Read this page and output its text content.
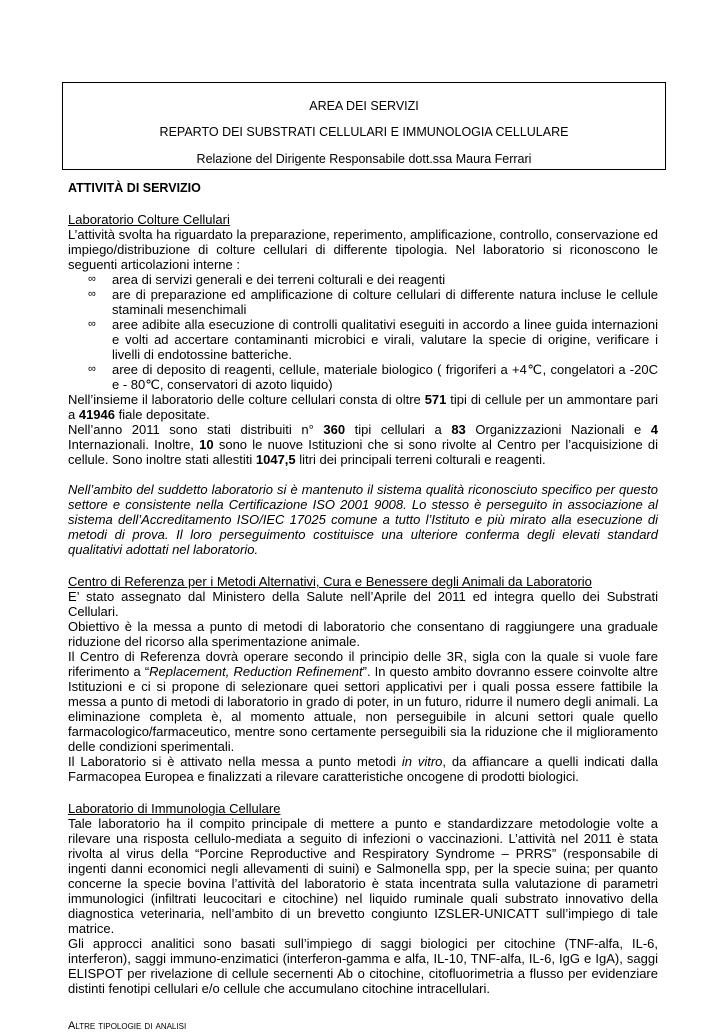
AREA DEI SERVIZI
REPARTO DEI SUBSTRATI CELLULARI E IMMUNOLOGIA CELLULARE
Relazione del Dirigente Responsabile dott.ssa Maura Ferrari
ATTIVITÀ DI SERVIZIO
Laboratorio Colture Cellulari

L’attività svolta ha riguardato la preparazione, reperimento, amplificazione, controllo, conservazione ed impiego/distribuzione di colture cellulari di differente tipologia. Nel laboratorio si riconoscono le seguenti articolazioni interne :

∞ area di servizi generali e dei terreni colturali e dei reagenti
∞ are di preparazione ed amplificazione di colture cellulari di differente natura incluse le cellule staminali mesenchimali
∞ aree adibite alla esecuzione di controlli qualitativi eseguiti in accordo a linee guida internazioni e volti ad accertare contaminanti microbici e virali, valutare la specie di origine, verificare i livelli di endotossine batteriche.
∞ aree di deposito di reagenti, cellule, materiale biologico ( frigoriferi a +4℃, congelatori a -20C e - 80℃, conservatori di azoto liquido)

Nell’insieme il laboratorio delle colture cellulari consta di oltre 571 tipi di cellule per un ammontare pari a 41946 fiale depositate.

Nell’anno 2011 sono stati distribuiti n° 360 tipi cellulari a 83 Organizzazioni Nazionali e 4 Internazionali. Inoltre, 10 sono le nuove Istituzioni che si sono rivolte al Centro per l’acquisizione di cellule. Sono inoltre stati allestiti 1047,5 litri dei principali terreni colturali e reagenti.

Nell’ambito del suddetto laboratorio si è mantenuto il sistema qualità riconosciuto specifico per questo settore e consistente nella Certificazione ISO 2001 9008. Lo stesso è perseguito in associazione al sistema dell’Accreditamento ISO/IEC 17025 comune a tutto l’Istituto e più mirato alla esecuzione di metodi di prova. Il loro perseguimento costituisce una ulteriore conferma degli elevati standard qualitativi adottati nel laboratorio.

Centro di Referenza per i Metodi Alternativi, Cura e Benessere degli Animali da Laboratorio

E’ stato assegnato dal Ministero della Salute nell’Aprile del 2011 ed integra quello dei Substrati Cellulari.

Obiettivo è la messa a punto di metodi di laboratorio che consentano di raggiungere una graduale riduzione del ricorso alla sperimentazione animale.

Il Centro di Referenza dovrà operare secondo il principio delle 3R, sigla con la quale si vuole fare riferimento a “Replacement, Reduction Refinement”. In questo ambito dovranno essere coinvolte altre Istituzioni e ci si propone di selezionare quei settori applicativi per i quali possa essere fattibile la messa a punto di metodi di laboratorio in grado di poter, in un futuro, ridurre il numero degli animali. La eliminazione completa è, al momento attuale, non perseguibile in alcuni settori quale quello farmacologico/farmaceutico, mentre sono certamente perseguibili sia la riduzione che il miglioramento delle condizioni sperimentali.

Il Laboratorio si è attivato nella messa a punto metodi in vitro, da affiancare a quelli indicati dalla Farmacopea Europea e finalizzati a rilevare caratteristiche oncogene di prodotti biologici.

Laboratorio di Immunologia Cellulare

Tale laboratorio ha il compito principale di mettere a punto e standardizzare metodologie volte a rilevare una risposta cellulo-mediata a seguito di infezioni o vaccinazioni. L’attività nel 2011 è stata rivolta al virus della “Porcine Reproductive and Respiratory Syndrome – PRRS” (responsabile di ingenti danni economici negli allevamenti di suini) e Salmonella spp, per la specie suina; per quanto concerne la specie bovina l’attività del laboratorio è stata incentrata sulla valutazione di parametri immunologici (infiltrati leucocitari e citochine) nel liquido ruminale quali substrato innovativo della diagnostica veterinaria, nell’ambito di un brevetto congiunto IZSLER-UNICATT sull’impiego di tale matrice.

Gli approcci analitici sono basati sull’impiego di saggi biologici per citochine (TNF-alfa, IL-6, interferon), saggi immuno-enzimatici (interferon-gamma e alfa, IL-10, TNF-alfa, IL-6, IgG e IgA), saggi ELISPOT per rivelazione di cellule secernenti Ab o citochine, citofluorimetria a flusso per evidenziare distinti fenotipi cellulari e/o cellule che accumulano citochine intracellulari.

Altre tipologie di analisi
